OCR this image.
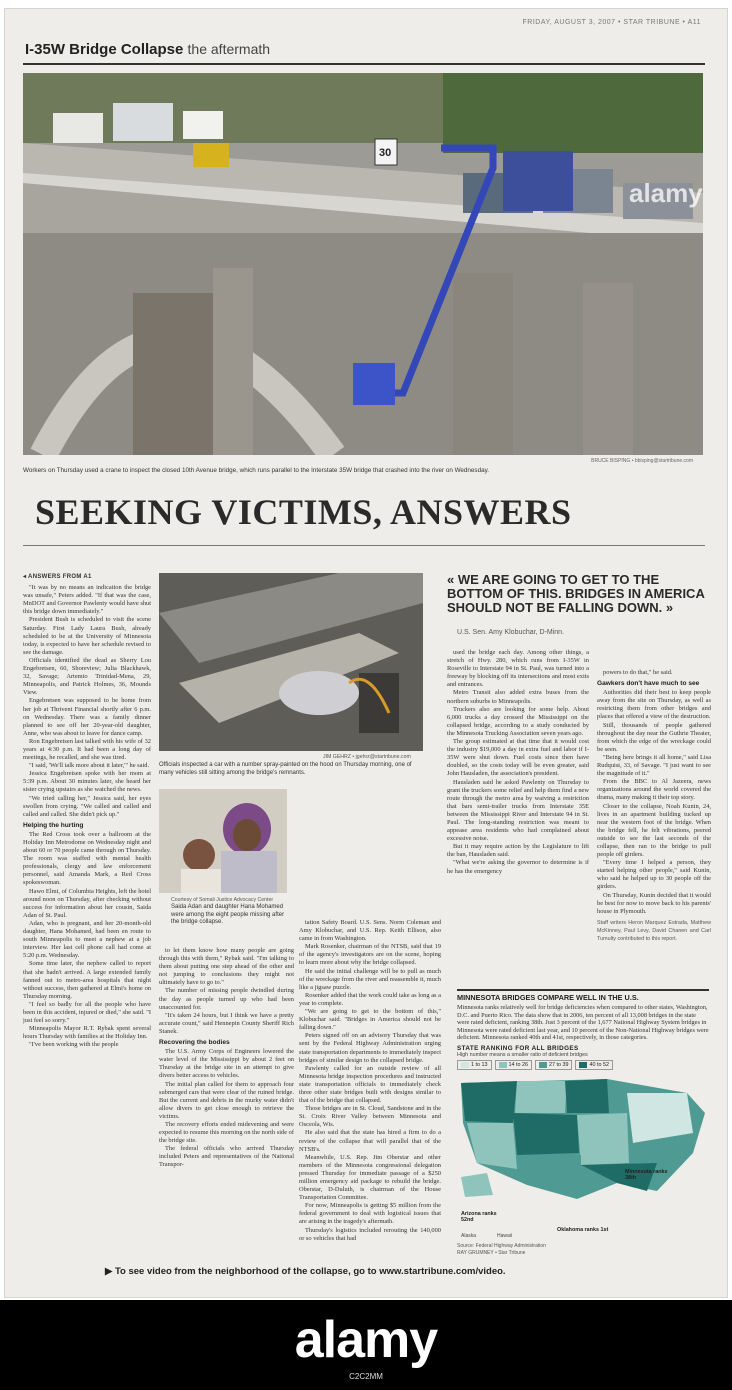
FRIDAY, AUGUST 3, 2007 • STAR TRIBUNE • A11
I-35W Bridge Collapse the aftermath
alamy
30
BRUCE BISPING • bbisping@startribune.com
Workers on Thursday used a crane to inspect the closed 10th Avenue bridge, which runs parallel to the Interstate 35W bridge that crashed into the river on Wednesday.
SEEKING VICTIMS, ANSWERS
◂ ANSWERS FROM A1

"It was by no means an indication the bridge was unsafe," Peters added. "If that was the case, MnDOT and Governor Pawlenty would have shut this bridge down immediately."

President Bush is scheduled to visit the scene Saturday. First Lady Laura Bush, already scheduled to be at the University of Minnesota today, is expected to have her schedule revised to see the damage.

Officials identified the dead as Sherry Lou Engebretsen, 60, Shoreview; Julia Blackhawk, 32, Savage; Artemio Trinidad-Mena, 29, Minneapolis, and Patrick Holmes, 36, Mounds View.

Engebretsen was supposed to be home from her job at Thrivent Financial shortly after 6 p.m. on Wednesday. There was a family dinner planned to see off her 20-year-old daughter, Anne, who was about to leave for dance camp.

Ron Engebretsen last talked with his wife of 32 years at 4:30 p.m. It had been a long day of meetings, he recalled, and she was tired.

"I said, 'We'll talk more about it later,'" he said.

Jessica Engebretsen spoke with her mom at 5:39 p.m. About 30 minutes later, she heard her sister crying upstairs as she watched the news.

"We tried calling her," Jessica said, her eyes swollen from crying. "We called and called and called and called. She didn't pick up."

Helping the hurting

The Red Cross took over a ballroom at the Holiday Inn Metrodome on Wednesday night and about 60 or 70 people came through on Thursday. The room was staffed with mental health professionals, clergy and law enforcement personnel, said Amanda Mark, a Red Cross spokeswoman.

Hawo Elmi, of Columbia Heights, left the hotel around noon on Thursday, after checking without success for information about her cousin, Saida Adan of St. Paul.

Adan, who is pregnant, and her 20-month-old daughter, Hana Mohamed, had been en route to south Minneapolis to meet a nephew at a job interview. Her last cell phone call had come at 5:20 p.m. Wednesday.

Some time later, the nephew called to report that she hadn't arrived. A large extended family fanned out to metro-area hospitals that night without success, then gathered at Elmi's home on Thursday morning.

"I feel so badly for all the people who have been in this accident, injured or died," she said. "I just feel so sorry."

Minneapolis Mayor R.T. Rybak spent several hours Thursday with families at the Holiday Inn.

"I've been working with the people

JIM GEHRZ • jgehrz@startribune.com
Officials inspected a car with a number spray-painted on the hood on Thursday morning, one of many vehicles still sitting among the bridge's remnants.
Courtesy of Somali Justice Advocacy Center
Saida Adan and daughter Hana Mohamed were among the eight people missing after the bridge collapse.

to let them know how many people are going through this with them," Rybak said. "I'm talking to them about putting one step ahead of the other and not jumping to conclusions they might not ultimately have to go to."

The number of missing people dwindled during the day as people turned up who had been unaccounted for.

"It's taken 24 hours, but I think we have a pretty accurate count," said Hennepin County Sheriff Rich Stanek.

Recovering the bodies

The U.S. Army Corps of Engineers lowered the water level of the Mississippi by about 2 feet on Thursday at the bridge site in an attempt to give divers better access to vehicles.

The initial plan called for them to approach four submerged cars that were clear of the ruined bridge. But the current and debris in the murky water didn't allow divers to get close enough to retrieve the victims.

The recovery efforts ended midevening and were expected to resume this morning on the north side of the bridge site.

The federal officials who arrived Thursday included Peters and representatives of the National Transpor-

tation Safety Board. U.S. Sens. Norm Coleman and Amy Klobuchar, and U.S. Rep. Keith Ellison, also came in from Washington.

Mark Rosenker, chairman of the NTSB, said that 19 of the agency's investigators are on the scene, hoping to learn more about why the bridge collapsed.

He said the initial challenge will be to pull as much of the wreckage from the river and reassemble it, much like a jigsaw puzzle.

Rosenker added that the work could take as long as a year to complete.

"We are going to get to the bottom of this," Klobuchar said. "Bridges in America should not be falling down."

Peters signed off on an advisory Thursday that was sent by the Federal Highway Administration urging state transportation departments to immediately inspect bridges of similar design to the collapsed bridge.

Pawlenty called for an outside review of all Minnesota bridge inspection procedures and instructed state transportation officials to immediately check three other state bridges built with designs similar to that of the bridge that collapsed.

Those bridges are in St. Cloud, Sandstone and in the St. Croix River Valley between Minnesota and Osceola, Wis.

He also said that the state has hired a firm to do a review of the collapse that will parallel that of the NTSB's.

Meanwhile, U.S. Rep. Jim Oberstar and other members of the Minnesota congressional delegation pressed Thursday for immediate passage of a $250 million emergency aid package to rebuild the bridge. Oberstar, D-Duluth, is chairman of the House Transportation Committee.

For now, Minneapolis is getting $5 million from the federal government to deal with logistical issues that are arising in the tragedy's aftermath.

Thursday's logistics included rerouting the 140,000 or so vehicles that had

« WE ARE GOING TO GET TO THE BOTTOM OF THIS. BRIDGES IN AMERICA SHOULD NOT BE FALLING DOWN. »
U.S. Sen. Amy Klobuchar, D-Minn.

used the bridge each day. Among other things, a stretch of Hwy. 280, which runs from I-35W in Roseville to Interstate 94 in St. Paul, was turned into a freeway by blocking off its intersections and most exits and entrances.

Metro Transit also added extra buses from the northern suburbs to Minneapolis.

Truckers also are looking for some help. About 6,000 trucks a day crossed the Mississippi on the collapsed bridge, according to a study conducted by the Minnesota Trucking Association seven years ago.

The group estimated at that time that it would cost the industry $19,000 a day in extra fuel and labor if I-35W were shut down. Fuel costs since then have doubled, so the costs today will be even greater, said John Hausladen, the association's president.

Hausladen said he asked Pawlenty on Thursday to grant the truckers some relief and help them find a new route through the metro area by waiving a restriction that bars semi-trailer trucks from Interstate 35E between the Mississippi River and Interstate 94 in St. Paul. The long-standing restriction was meant to appease area residents who had complained about excessive noise.

But it may require action by the Legislature to lift the ban, Hausladen said.

"What we're asking the governor to determine is if he has the emergency

powers to do that," he said.

Gawkers don't have much to see

Authorities did their best to keep people away from the site on Thursday, as well as restricting them from other bridges and places that offered a view of the destruction.

Still, thousands of people gathered throughout the day near the Guthrie Theater, from which the edge of the wreckage could be seen.

"Being here brings it all home," said Lisa Rudquist, 33, of Savage. "I just want to see the magnitude of it."

From the BBC to Al Jazeera, news organizations around the world covered the drama, many making it their top story.

Closer to the collapse, Noah Kunin, 24, lives in an apartment building tucked up near the western foot of the bridge. When the bridge fell, he felt vibrations, peered outside to see the last seconds of the collapse, then ran to the bridge to pull people off girders.

"Every time I helped a person, they started helping other people," said Kunin, who said he helped up to 30 people off the girders.

On Thursday, Kunin decided that it would be best for now to move back to his parents' house in Plymouth.

Staff writers Heron Marquez Estrada, Matthew McKinney, Paul Levy, David Chanen and Carl Tumulty contributed to this report.

MINNESOTA BRIDGES COMPARE WELL IN THE U.S.
Minnesota ranks relatively well for bridge deficiencies when compared to other states, Washington, D.C. and Puerto Rico. The data show that in 2006, ten percent of all 13,008 bridges in the state were rated deficient, ranking 38th. Just 3 percent of the 1,677 National Highway System bridges in Minnesota were rated deficient last year, and 10 percent of the Non-National Highway bridges were deficient. Minnesota ranked 40th and 41st, respectively, in those categories.
STATE RANKING FOR ALL BRIDGES
High number means a smaller ratio of deficient bridges
1 to 13	14 to 26	27 to 39	40 to 52
Minnesota ranks 38th
Arizona ranks 52nd
Oklahoma ranks 1st
Alaska	Hawaii
Source: Federal Highway Administration
RAY GRUMNEY • Star Tribune
▶ To see video from the neighborhood of the collapse, go to www.startribune.com/video.
alamy
C2C2MM
